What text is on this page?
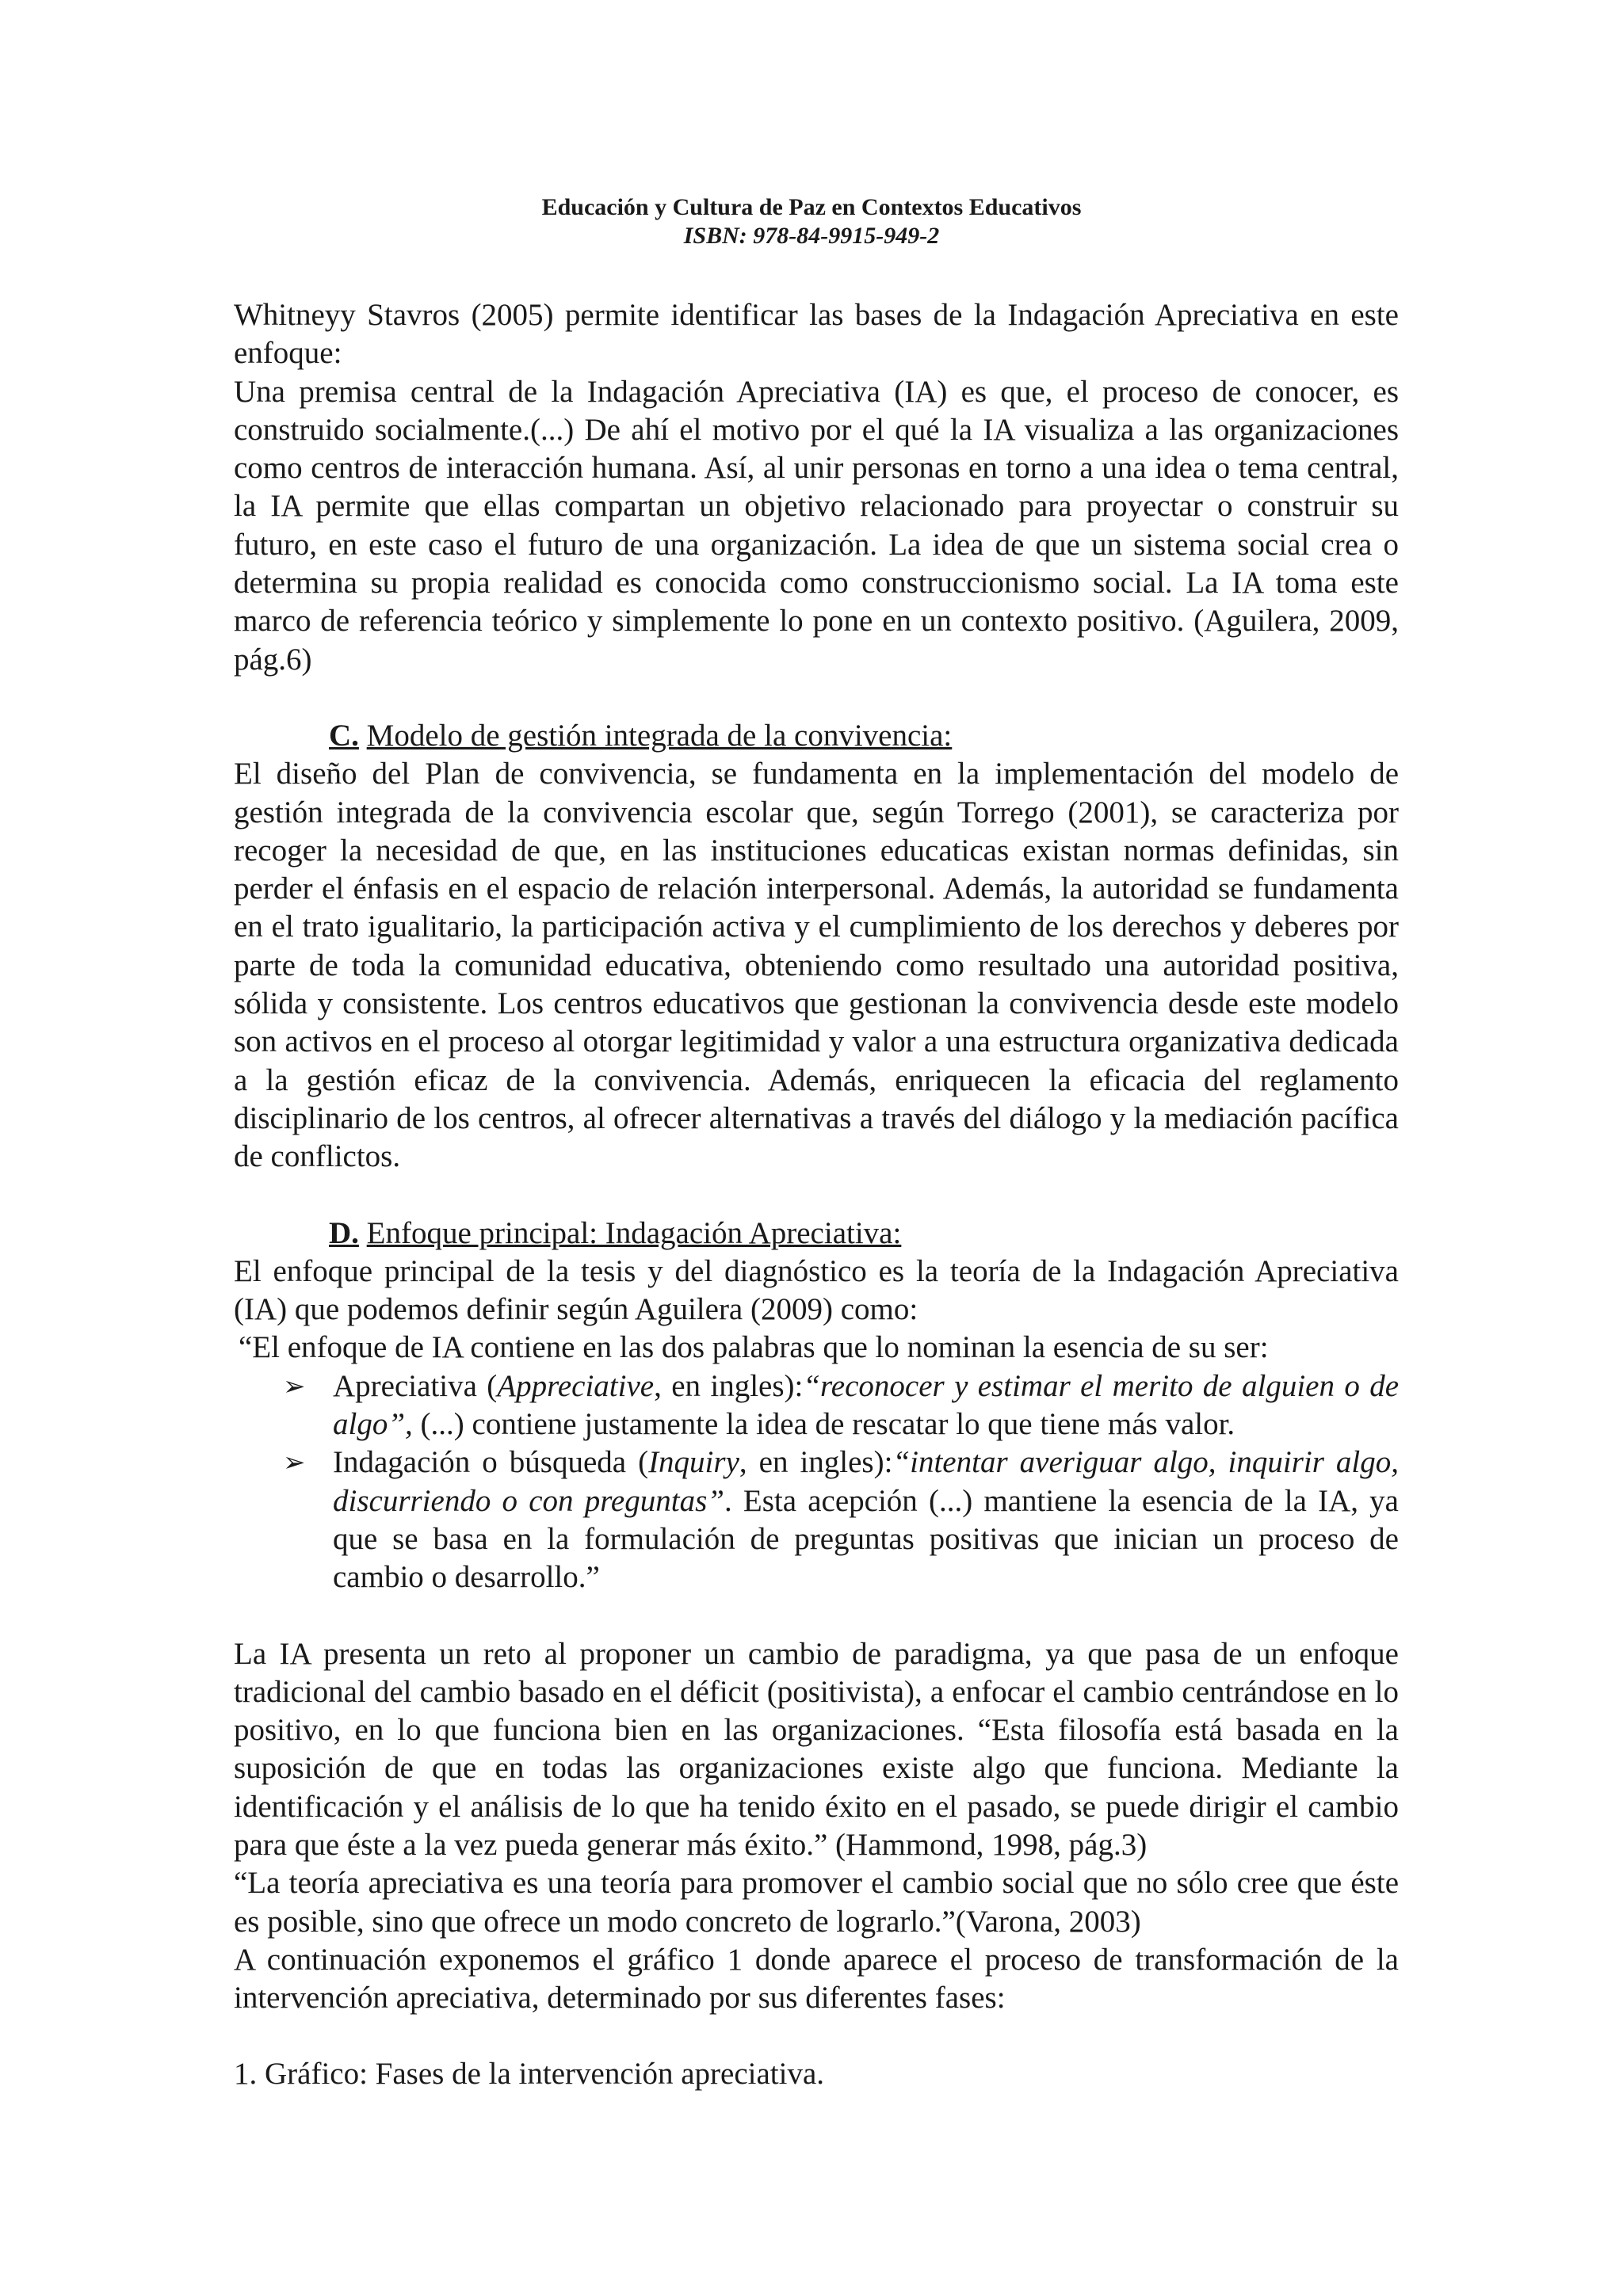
Educación y Cultura de Paz en Contextos Educativos
ISBN: 978-84-9915-949-2

Whitneyy Stavros (2005) permite identificar las bases de la Indagación Apreciativa en este enfoque:

Una premisa central de la Indagación Apreciativa (IA) es que, el proceso de conocer, es construido socialmente.(...) De ahí el motivo por el qué la IA visualiza a las organizaciones como centros de interacción humana. Así, al unir personas en torno a una idea o tema central, la IA permite que ellas compartan un objetivo relacionado para proyectar o construir su futuro, en este caso el futuro de una organización. La idea de que un sistema social crea o determina su propia realidad es conocida como construccionismo social. La IA toma este marco de referencia teórico y simplemente lo pone en un contexto positivo. (Aguilera, 2009, pág.6)

C. Modelo de gestión integrada de la convivencia:

El diseño del Plan de convivencia, se fundamenta en la implementación del modelo de gestión integrada de la convivencia escolar que, según Torrego (2001), se caracteriza por recoger la necesidad de que, en las instituciones educaticas existan normas definidas, sin perder el énfasis en el espacio de relación interpersonal. Además, la autoridad se fundamenta en el trato igualitario, la participación activa y el cumplimiento de los derechos y deberes por parte de toda la comunidad educativa, obteniendo como resultado una autoridad positiva, sólida y consistente. Los centros educativos que gestionan la convivencia desde este modelo son activos en el proceso al otorgar legitimidad y valor a una estructura organizativa dedicada a la gestión eficaz de la convivencia. Además, enriquecen la eficacia del reglamento disciplinario de los centros, al ofrecer alternativas a través del diálogo y la mediación pacífica de conflictos.

D. Enfoque principal: Indagación Apreciativa:

El enfoque principal de la tesis y del diagnóstico es la teoría de la Indagación Apreciativa (IA) que podemos definir según Aguilera (2009) como:

“El enfoque de IA contiene en las dos palabras que lo nominan la esencia de su ser:

➢ Apreciativa (Appreciative, en ingles):“reconocer y estimar el merito de alguien o de algo”, (...) contiene justamente la idea de rescatar lo que tiene más valor.
➢ Indagación o búsqueda (Inquiry, en ingles):“intentar averiguar algo, inquirir algo, discurriendo o con preguntas”. Esta acepción (...) mantiene la esencia de la IA, ya que se basa en la formulación de preguntas positivas que inician un proceso de cambio o desarrollo.”

La IA presenta un reto al proponer un cambio de paradigma, ya que pasa de un enfoque tradicional del cambio basado en el déficit (positivista), a enfocar el cambio centrándose en lo positivo, en lo que funciona bien en las organizaciones. “Esta filosofía está basada en la suposición de que en todas las organizaciones existe algo que funciona. Mediante la identificación y el análisis de lo que ha tenido éxito en el pasado, se puede dirigir el cambio para que éste a la vez pueda generar más éxito.” (Hammond, 1998, pág.3)

“La teoría apreciativa es una teoría para promover el cambio social que no sólo cree que éste es posible, sino que ofrece un modo concreto de lograrlo.”(Varona, 2003)

A continuación exponemos el gráfico 1 donde aparece el proceso de transformación de la intervención apreciativa, determinado por sus diferentes fases:

1. Gráfico: Fases de la intervención apreciativa.
